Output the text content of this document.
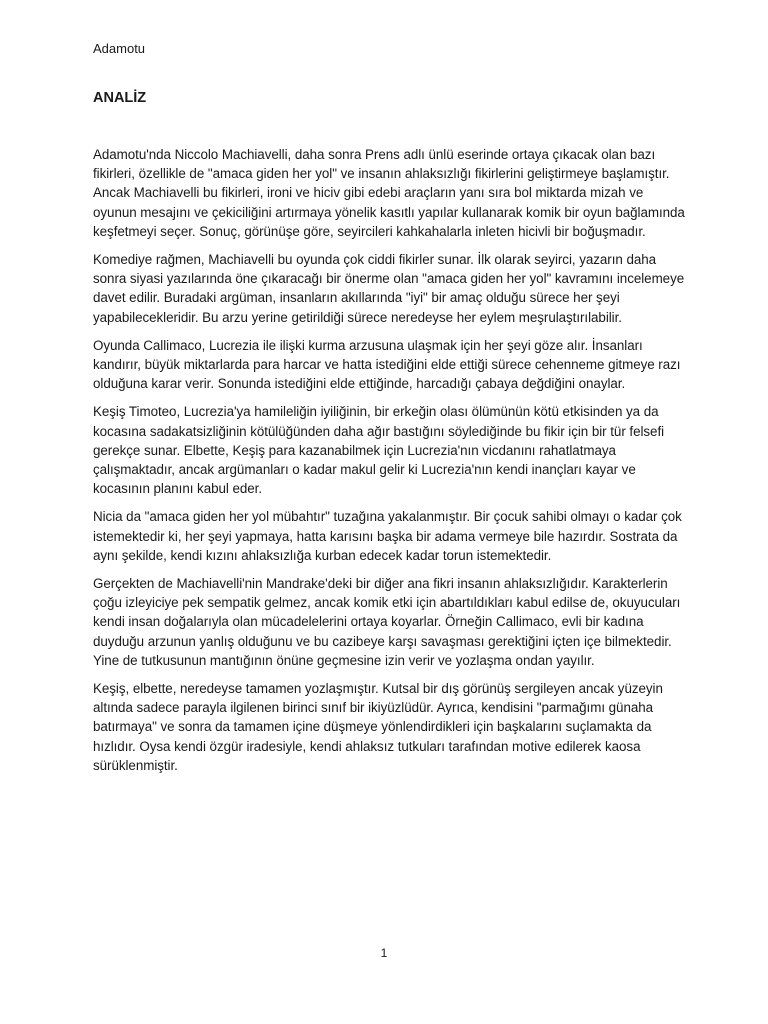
Adamotu
ANALİZ

Adamotu'nda Niccolo Machiavelli, daha sonra Prens adlı ünlü eserinde ortaya çıkacak olan bazı fikirleri, özellikle de "amaca giden her yol" ve insanın ahlaksızlığı fikirlerini geliştirmeye başlamıştır. Ancak Machiavelli bu fikirleri, ironi ve hiciv gibi edebi araçların yanı sıra bol miktarda mizah ve oyunun mesajını ve çekiciliğini artırmaya yönelik kasıtlı yapılar kullanarak komik bir oyun bağlamında keşfetmeyi seçer. Sonuç, görünüşe göre, seyircileri kahkahalarla inleten hicivli bir boğuşmadır.

Komediye rağmen, Machiavelli bu oyunda çok ciddi fikirler sunar. İlk olarak seyirci, yazarın daha sonra siyasi yazılarında öne çıkaracağı bir önerme olan "amaca giden her yol" kavramını incelemeye davet edilir. Buradaki argüman, insanların akıllarında "iyi" bir amaç olduğu sürece her şeyi yapabilecekleridir. Bu arzu yerine getirildiği sürece neredeyse her eylem meşrulaştırılabilir.

Oyunda Callimaco, Lucrezia ile ilişki kurma arzusuna ulaşmak için her şeyi göze alır. İnsanları kandırır, büyük miktarlarda para harcar ve hatta istediğini elde ettiği sürece cehenneme gitmeye razı olduğuna karar verir. Sonunda istediğini elde ettiğinde, harcadığı çabaya değdiğini onaylar.

Keşiş Timoteo, Lucrezia'ya hamileliğin iyiliğinin, bir erkeğin olası ölümünün kötü etkisinden ya da kocasına sadakatsizliğinin kötülüğünden daha ağır bastığını söylediğinde bu fikir için bir tür felsefi gerekçe sunar. Elbette, Keşiş para kazanabilmek için Lucrezia'nın vicdanını rahatlatmaya çalışmaktadır, ancak argümanları o kadar makul gelir ki Lucrezia'nın kendi inançları kayar ve kocasının planını kabul eder.

Nicia da "amaca giden her yol mübahtır" tuzağına yakalanmıştır. Bir çocuk sahibi olmayı o kadar çok istemektedir ki, her şeyi yapmaya, hatta karısını başka bir adama vermeye bile hazırdır. Sostrata da aynı şekilde, kendi kızını ahlaksızlığa kurban edecek kadar torun istemektedir.

Gerçekten de Machiavelli'nin Mandrake'deki bir diğer ana fikri insanın ahlaksızlığıdır. Karakterlerin çoğu izleyiciye pek sempatik gelmez, ancak komik etki için abartıldıkları kabul edilse de, okuyucuları kendi insan doğalarıyla olan mücadelelerini ortaya koyarlar. Örneğin Callimaco, evli bir kadına duyduğu arzunun yanlış olduğunu ve bu cazibeye karşı savaşması gerektiğini içten içe bilmektedir. Yine de tutkusunun mantığının önüne geçmesine izin verir ve yozlaşma ondan yayılır.

Keşiş, elbette, neredeyse tamamen yozlaşmıştır. Kutsal bir dış görünüş sergileyen ancak yüzeyin altında sadece parayla ilgilenen birinci sınıf bir ikiyüzlüdür. Ayrıca, kendisini "parmağımı günaha batırmaya" ve sonra da tamamen içine düşmeye yönlendirdikleri için başkalarını suçlamakta da hızlıdır. Oysa kendi özgür iradesiyle, kendi ahlaksız tutkuları tarafından motive edilerek kaosa sürüklenmiştir.

1
